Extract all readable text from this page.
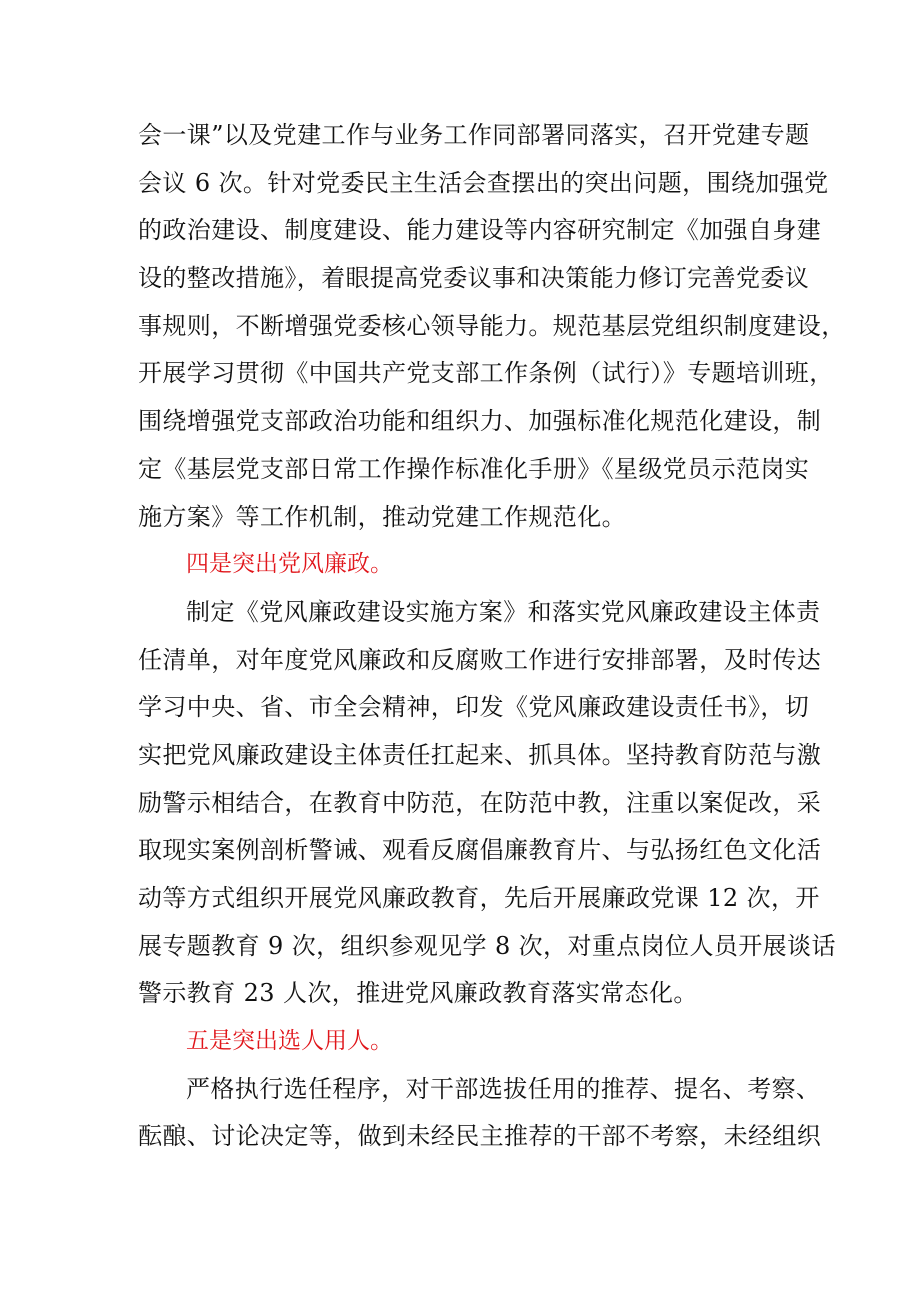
会一课”以及党建工作与业务工作同部署同落实，召开党建专题
会议 6 次。针对党委民主生活会查摆出的突出问题，围绕加强党
的政治建设、制度建设、能力建设等内容研究制定《加强自身建
设的整改措施》，着眼提高党委议事和决策能力修订完善党委议
事规则，不断增强党委核心领导能力。规范基层党组织制度建设，
开展学习贯彻《中国共产党支部工作条例（试行）》专题培训班，
围绕增强党支部政治功能和组织力、加强标准化规范化建设，制
定《基层党支部日常工作操作标准化手册》《星级党员示范岗实
施方案》等工作机制，推动党建工作规范化。
四是突出党风廉政。
制定《党风廉政建设实施方案》和落实党风廉政建设主体责
任清单，对年度党风廉政和反腐败工作进行安排部署，及时传达
学习中央、省、市全会精神，印发《党风廉政建设责任书》，切
实把党风廉政建设主体责任扛起来、抓具体。坚持教育防范与激
励警示相结合，在教育中防范，在防范中教，注重以案促改，采
取现实案例剖析警诫、观看反腐倡廉教育片、与弘扬红色文化活
动等方式组织开展党风廉政教育，先后开展廉政党课 12 次，开
展专题教育 9 次，组织参观见学 8 次，对重点岗位人员开展谈话
警示教育 23 人次，推进党风廉政教育落实常态化。
五是突出选人用人。
严格执行选任程序，对干部选拔任用的推荐、提名、考察、
酝酿、讨论决定等，做到未经民主推荐的干部不考察，未经组织
